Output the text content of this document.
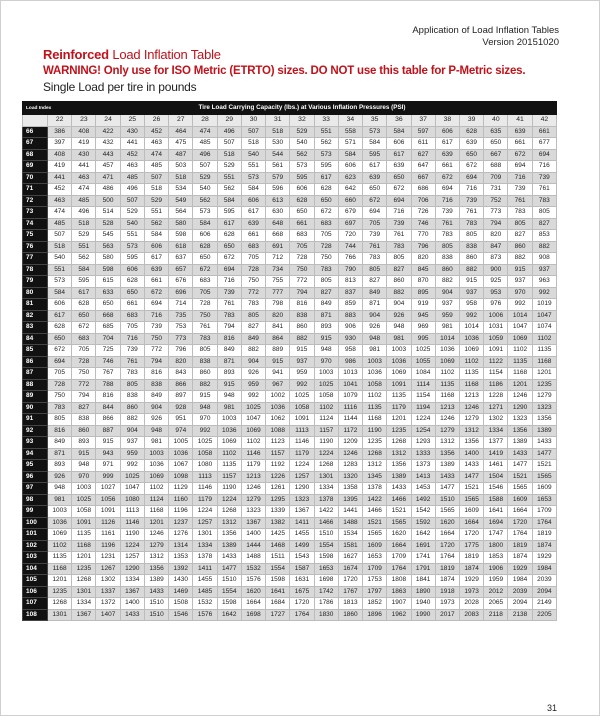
Application of Load Inflation Tables
Version 20151020
Reinforced Load Inflation Table
WARNING! Only use for ISO Metric (ETRTO) sizes. DO NOT use this table for P-Metric sizes.
Single Load per tire in pounds
Load Index	Tire Load Carrying Capacity (lbs.) at Various Inflation Pressures (PSI)																				
	22	23	24	25	26	27	28	29	30	31	32	33	34	35	36	37	38	39	40	41	42
66	386	408	422	430	452	464	474	496	507	518	529	551	558	573	584	597	606	628	635	639	661
67	397	419	432	441	463	475	485	507	518	530	540	562	571	584	606	611	617	639	650	661	677
68	408	430	443	452	474	487	496	518	540	544	562	573	584	595	617	627	639	650	667	672	694
69	419	441	457	463	485	503	507	529	551	561	573	595	606	617	639	647	661	672	688	694	716
70	441	463	471	485	507	518	529	551	573	579	595	617	623	639	650	667	672	694	709	716	739
71	452	474	486	496	518	534	540	562	584	596	606	628	642	650	672	686	694	716	731	739	761
72	463	485	500	507	529	549	562	584	606	613	628	650	660	672	694	706	716	739	752	761	783
73	474	496	514	529	551	564	573	595	617	630	650	672	679	694	716	726	739	761	773	783	805
74	485	518	528	540	562	580	584	617	639	648	661	683	697	705	739	746	761	783	794	805	827
75	507	529	545	551	584	598	606	628	661	668	683	705	720	739	761	770	783	805	820	827	853
76	518	551	563	573	606	618	628	650	683	691	705	728	744	761	783	796	805	838	847	860	882
77	540	562	580	595	617	637	650	672	705	712	728	750	766	783	805	820	838	860	873	882	908
78	551	584	598	606	639	657	672	694	728	734	750	783	790	805	827	845	860	882	900	915	937
79	573	595	615	628	661	676	683	716	750	755	772	805	813	827	860	870	882	915	925	937	963
80	584	617	633	650	672	696	705	739	772	777	794	827	837	849	882	895	904	937	953	970	992
81	606	628	650	661	694	714	728	761	783	798	816	849	859	871	904	919	937	958	976	992	1019
82	617	650	668	683	716	735	750	783	805	820	838	871	883	904	926	945	959	992	1006	1014	1047
83	628	672	685	705	739	753	761	794	827	841	860	893	906	926	948	969	981	1014	1031	1047	1074
84	650	683	704	716	750	773	783	816	849	864	882	915	930	948	981	995	1014	1036	1059	1069	1102
85	672	705	725	739	772	796	805	849	882	889	915	948	958	981	1003	1025	1036	1069	1091	1102	1135
86	694	728	746	761	794	820	838	871	904	915	937	970	986	1003	1036	1055	1069	1102	1122	1135	1168
87	705	750	767	783	816	843	860	893	926	941	959	1003	1013	1036	1069	1084	1102	1135	1154	1168	1201
88	728	772	788	805	838	866	882	915	959	967	992	1025	1041	1058	1091	1114	1135	1168	1186	1201	1235
89	750	794	816	838	849	897	915	948	992	1002	1025	1058	1079	1102	1135	1154	1168	1213	1228	1246	1279
90	783	827	844	860	904	928	948	981	1025	1036	1058	1102	1116	1135	1179	1194	1213	1246	1271	1290	1323
91	805	838	866	882	926	951	970	1003	1047	1062	1091	1124	1144	1168	1201	1224	1246	1279	1302	1323	1356
92	816	860	887	904	948	974	992	1036	1069	1088	1113	1157	1172	1190	1235	1254	1279	1312	1334	1356	1389
93	849	893	915	937	981	1005	1025	1069	1102	1123	1146	1190	1209	1235	1268	1293	1312	1356	1377	1389	1433
94	871	915	943	959	1003	1036	1058	1102	1146	1157	1179	1224	1246	1268	1312	1333	1356	1400	1419	1433	1477
95	893	948	971	992	1036	1067	1080	1135	1179	1192	1224	1268	1283	1312	1356	1373	1389	1433	1461	1477	1521
96	926	970	999	1025	1069	1098	1113	1157	1213	1226	1257	1301	1320	1345	1389	1413	1433	1477	1504	1521	1565
97	948	1003	1027	1047	1102	1129	1146	1190	1246	1261	1290	1334	1358	1378	1433	1453	1477	1521	1546	1565	1609
98	981	1025	1056	1080	1124	1160	1179	1224	1279	1295	1323	1378	1395	1422	1466	1492	1510	1565	1588	1609	1653
99	1003	1058	1091	1113	1168	1196	1224	1268	1323	1339	1367	1422	1441	1466	1521	1542	1565	1609	1641	1664	1709
100	1036	1091	1126	1146	1201	1237	1257	1312	1367	1382	1411	1466	1488	1521	1565	1592	1620	1664	1694	1720	1764
101	1069	1135	1161	1190	1246	1276	1301	1356	1400	1425	1455	1510	1534	1565	1620	1642	1664	1720	1747	1764	1819
102	1102	1168	1196	1224	1279	1314	1334	1389	1444	1468	1499	1554	1581	1609	1664	1691	1720	1775	1800	1819	1874
103	1135	1201	1231	1257	1312	1353	1378	1433	1488	1511	1543	1598	1627	1653	1709	1741	1764	1819	1853	1874	1929
104	1168	1235	1267	1290	1356	1392	1411	1477	1532	1554	1587	1653	1674	1709	1764	1791	1819	1874	1906	1929	1984
105	1201	1268	1302	1334	1389	1430	1455	1510	1576	1598	1631	1698	1720	1753	1808	1841	1874	1929	1959	1984	2039
106	1235	1301	1337	1367	1433	1469	1485	1554	1620	1641	1675	1742	1767	1797	1863	1890	1918	1973	2012	2039	2094
107	1268	1334	1372	1400	1510	1508	1532	1598	1664	1684	1720	1786	1813	1852	1907	1940	1973	2028	2065	2094	2149
108	1301	1367	1407	1433	1510	1546	1576	1642	1698	1727	1764	1830	1860	1896	1962	1990	2017	2083	2118	2138	2205
31
